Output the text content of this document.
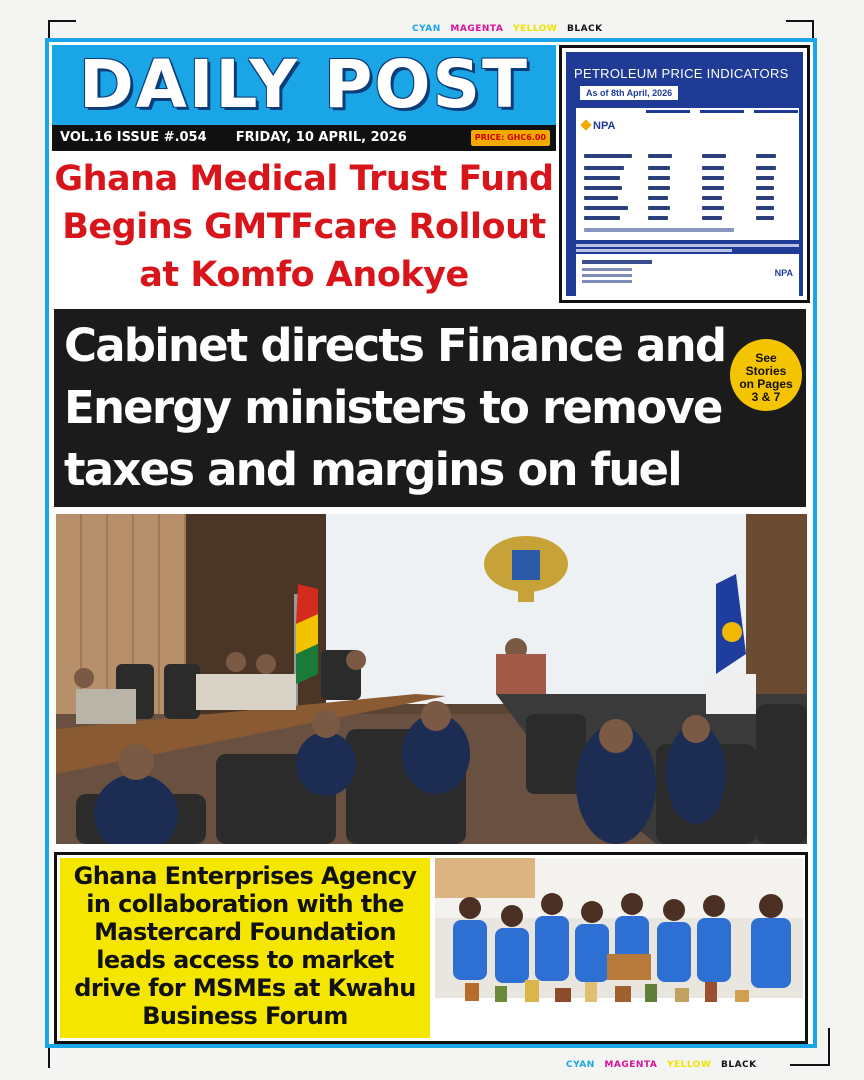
CYAN MAGENTA YELLOW BLACK
CYAN MAGENTA YELLOW BLACK
DAILY POST
VOL.16 ISSUE #.054 FRIDAY, 10 APRIL, 2026	PRICE: GHC6.00
Ghana Medical Trust Fund Begins GMTFcare Rollout at Komfo Anokye
PETROLEUM PRICE INDICATORS
As of 8th April, 2026
NPA
NPA
Cabinet directs Finance and
Energy ministers to remove
taxes and margins on fuel
See
Stories
on Pages
3 & 7
Ghana Enterprises Agency in collaboration with the Mastercard Foundation leads access to market drive for MSMEs at Kwahu Business Forum
